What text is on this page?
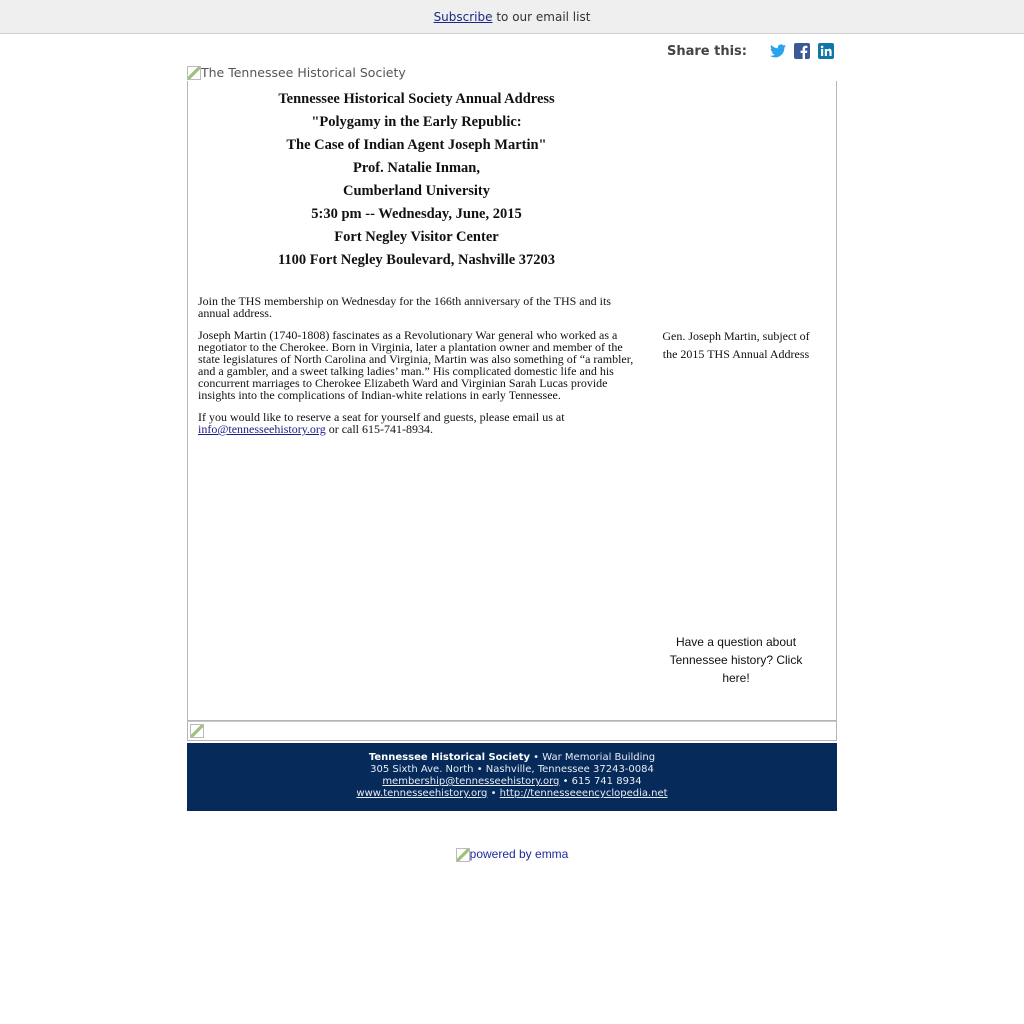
Subscribe to our email list
Share this:
The Tennessee Historical Society
Tennessee Historical Society Annual Address
"Polygamy in the Early Republic:
The Case of Indian Agent Joseph Martin"
Prof. Natalie Inman,
Cumberland University
5:30 pm -- Wednesday, June, 2015
Fort Negley Visitor Center
1100 Fort Negley Boulevard, Nashville 37203

Join the THS membership on Wednesday for the 166th anniversary of the THS and its annual address.

Joseph Martin (1740-1808) fascinates as a Revolutionary War general who worked as a negotiator to the Cherokee. Born in Virginia, later a plantation owner and member of the state legislatures of North Carolina and Virginia, Martin was also something of “a rambler, and a gambler, and a sweet talking ladies’ man.” His complicated domestic life and his concurrent marriages to Cherokee Elizabeth Ward and Virginian Sarah Lucas provide insights into the complications of Indian-white relations in early Tennessee.

If you would like to reserve a seat for yourself and guests, please email us at info@tennesseehistory.org or call 615-741-8934.

Gen. Joseph Martin, subject of the 2015 THS Annual Address
Have a question about Tennessee history? Click here!
Tennessee Historical Society • War Memorial Building
305 Sixth Ave. North • Nashville, Tennessee 37243-0084
membership@tennesseehistory.org • 615 741 8934
www.tennesseehistory.org • http://tennesseeencyclopedia.net
powered by emma
